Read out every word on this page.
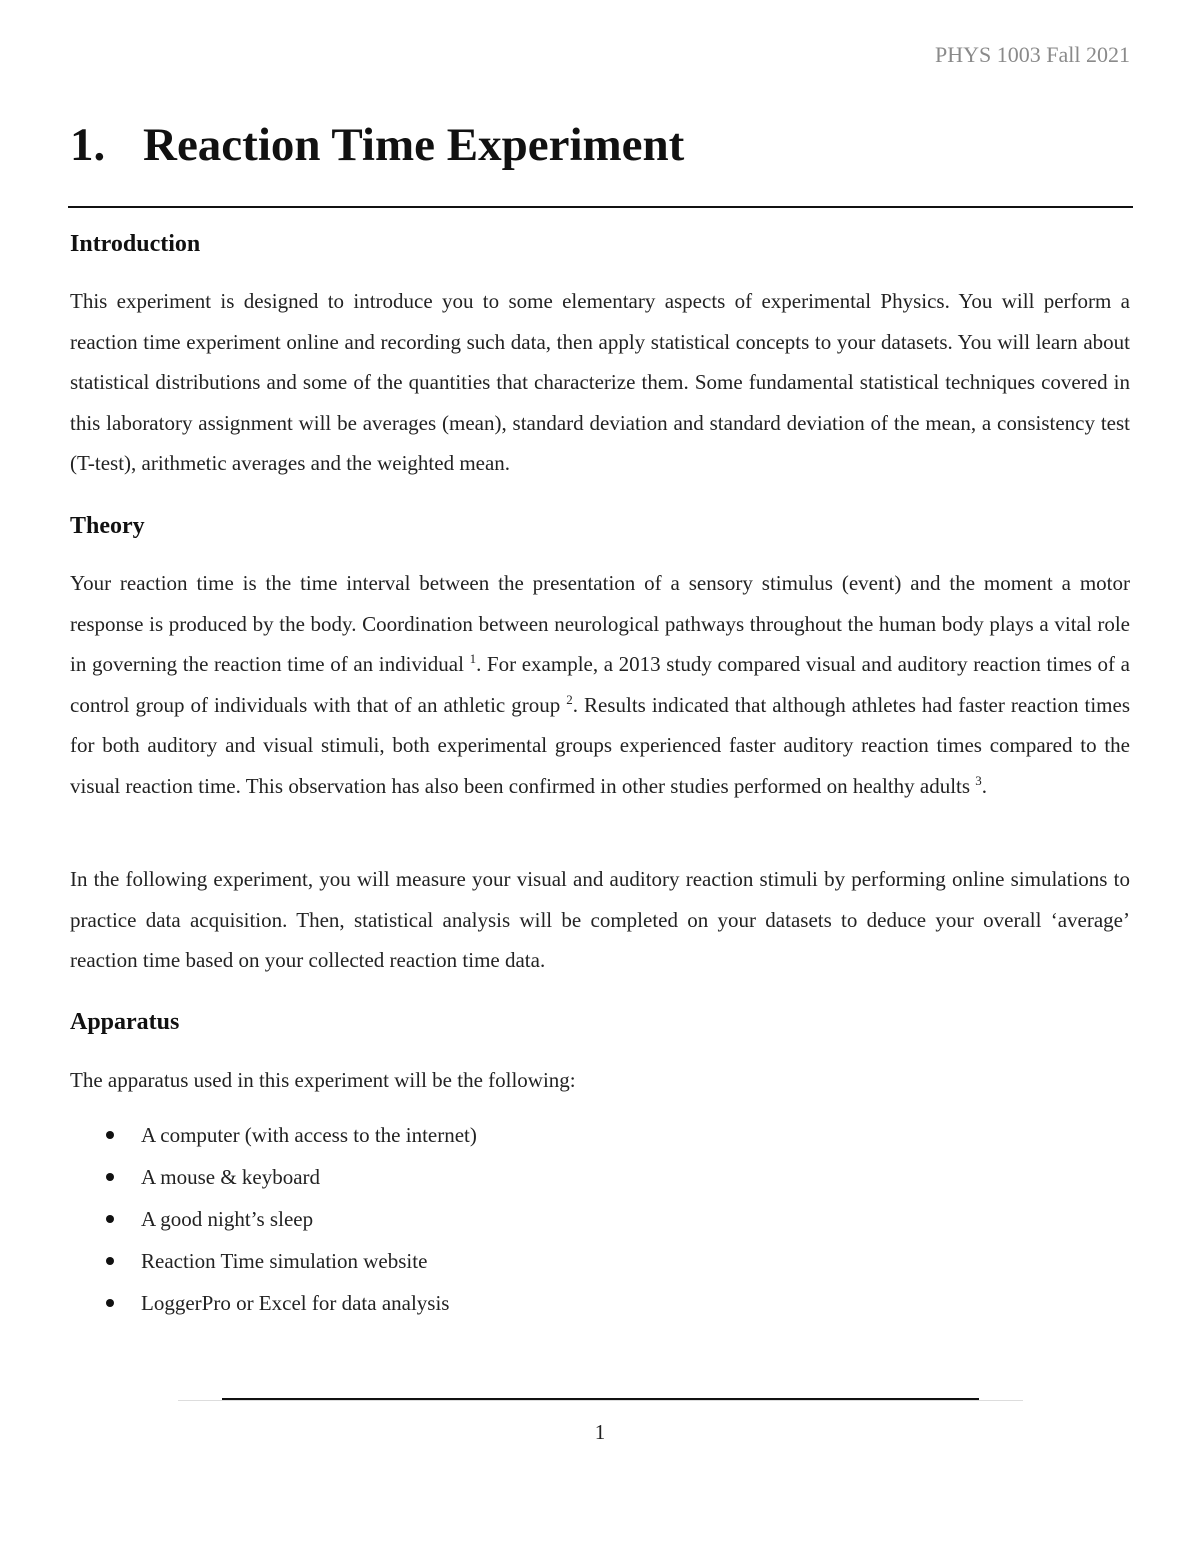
PHYS 1003 Fall 2021
1. Reaction Time Experiment
Introduction

This experiment is designed to introduce you to some elementary aspects of experimental Physics. You will perform a reaction time experiment online and recording such data, then apply statistical concepts to your datasets. You will learn about statistical distributions and some of the quantities that characterize them. Some fundamental statistical techniques covered in this laboratory assignment will be averages (mean), standard deviation and standard deviation of the mean, a consistency test (T-test), arithmetic averages and the weighted mean.

Theory

Your reaction time is the time interval between the presentation of a sensory stimulus (event) and the moment a motor response is produced by the body. Coordination between neurological pathways throughout the human body plays a vital role in governing the reaction time of an individual $^1$. For example, a 2013 study compared visual and auditory reaction times of a control group of individuals with that of an athletic group $^2$. Results indicated that although athletes had faster reaction times for both auditory and visual stimuli, both experimental groups experienced faster auditory reaction times compared to the visual reaction time. This observation has also been confirmed in other studies performed on healthy adults $^3$.

In the following experiment, you will measure your visual and auditory reaction stimuli by performing online simulations to practice data acquisition. Then, statistical analysis will be completed on your datasets to deduce your overall ‘average’ reaction time based on your collected reaction time data.

Apparatus

The apparatus used in this experiment will be the following:

A computer (with access to the internet)
A mouse & keyboard
A good night’s sleep
Reaction Time simulation website
LoggerPro or Excel for data analysis
1
